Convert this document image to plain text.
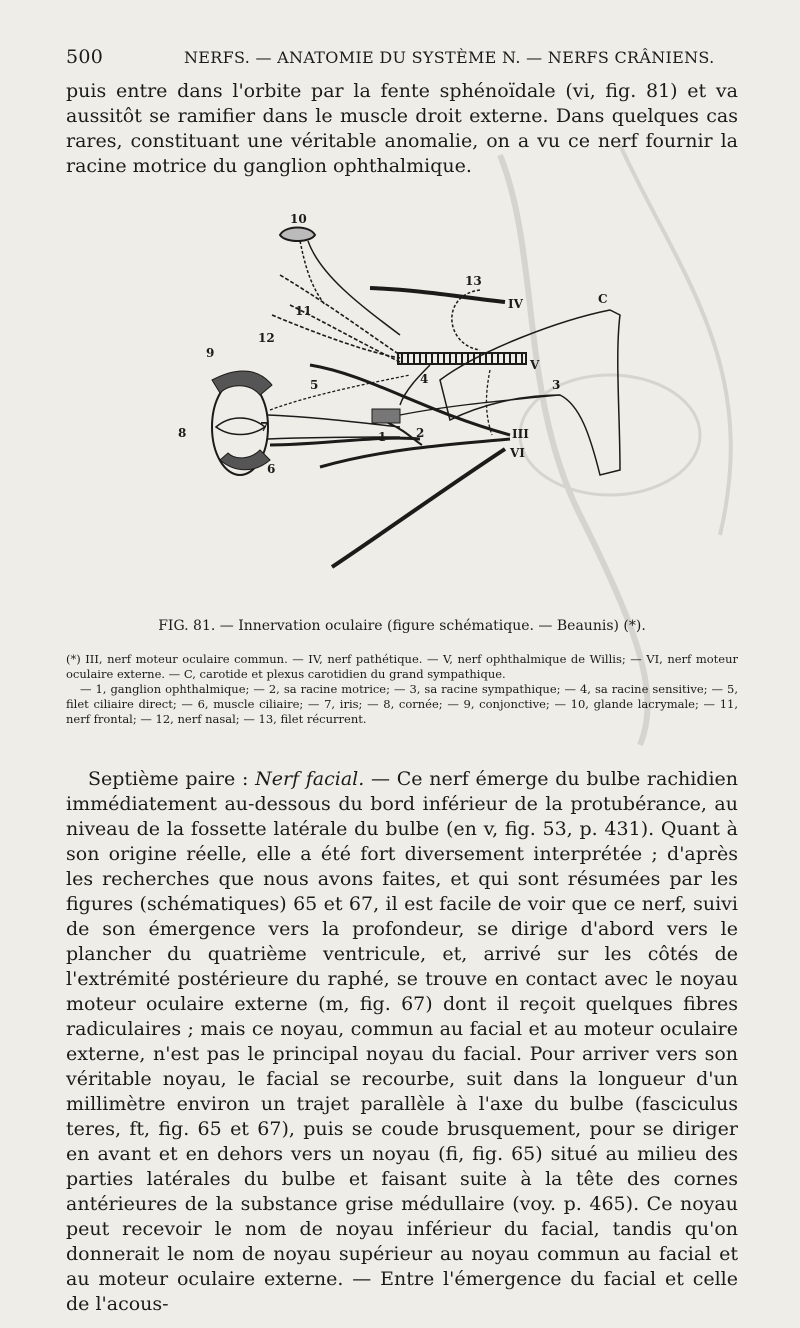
500	NERFS. — ANATOMIE DU SYSTÈME N. — NERFS CRÂNIENS.

puis entre dans l'orbite par la fente sphénoïdale (vi, fig. 81) et va aussitôt se ramifier dans le muscle droit externe. Dans quelques cas rares, constituant une véritable anomalie, on a vu ce nerf fournir la racine motrice du ganglion ophthalmique.

10
13
IV	C
11
12
V
9
5	4	3
7
8	1 2	III
VI
6
FIG. 81. — Innervation oculaire (figure schématique. — Beaunis) (*).

(*) III, nerf moteur oculaire commun. — IV, nerf pathétique. — V, nerf ophthalmique de Willis; — VI, nerf moteur oculaire externe. — C, carotide et plexus carotidien du grand sympathique.

— 1, ganglion ophthalmique; — 2, sa racine motrice; — 3, sa racine sympathique; — 4, sa racine sensitive; — 5, filet ciliaire direct; — 6, muscle ciliaire; — 7, iris; — 8, cornée; — 9, conjonctive; — 10, glande lacrymale; — 11, nerf frontal; — 12, nerf nasal; — 13, filet récurrent.

Septième paire : Nerf facial. — Ce nerf émerge du bulbe rachidien immédiatement au-dessous du bord inférieur de la protubérance, au niveau de la fossette latérale du bulbe (en v, fig. 53, p. 431). Quant à son origine réelle, elle a été fort diversement interprétée ; d'après les recherches que nous avons faites, et qui sont résumées par les figures (schématiques) 65 et 67, il est facile de voir que ce nerf, suivi de son émergence vers la profondeur, se dirige d'abord vers le plancher du quatrième ventricule, et, arrivé sur les côtés de l'extrémité postérieure du raphé, se trouve en contact avec le noyau moteur oculaire externe (m, fig. 67) dont il reçoit quelques fibres radiculaires ; mais ce noyau, commun au facial et au moteur oculaire externe, n'est pas le principal noyau du facial. Pour arriver vers son véritable noyau, le facial se recourbe, suit dans la longueur d'un millimètre environ un trajet parallèle à l'axe du bulbe (fasciculus teres, ft, fig. 65 et 67), puis se coude brusquement, pour se diriger en avant et en dehors vers un noyau (fi, fig. 65) situé au milieu des parties latérales du bulbe et faisant suite à la tête des cornes antérieures de la substance grise médullaire (voy. p. 465). Ce noyau peut recevoir le nom de noyau inférieur du facial, tandis qu'on donnerait le nom de noyau supérieur au noyau commun au facial et au moteur oculaire externe. — Entre l'émergence du facial et celle de l'acous-
